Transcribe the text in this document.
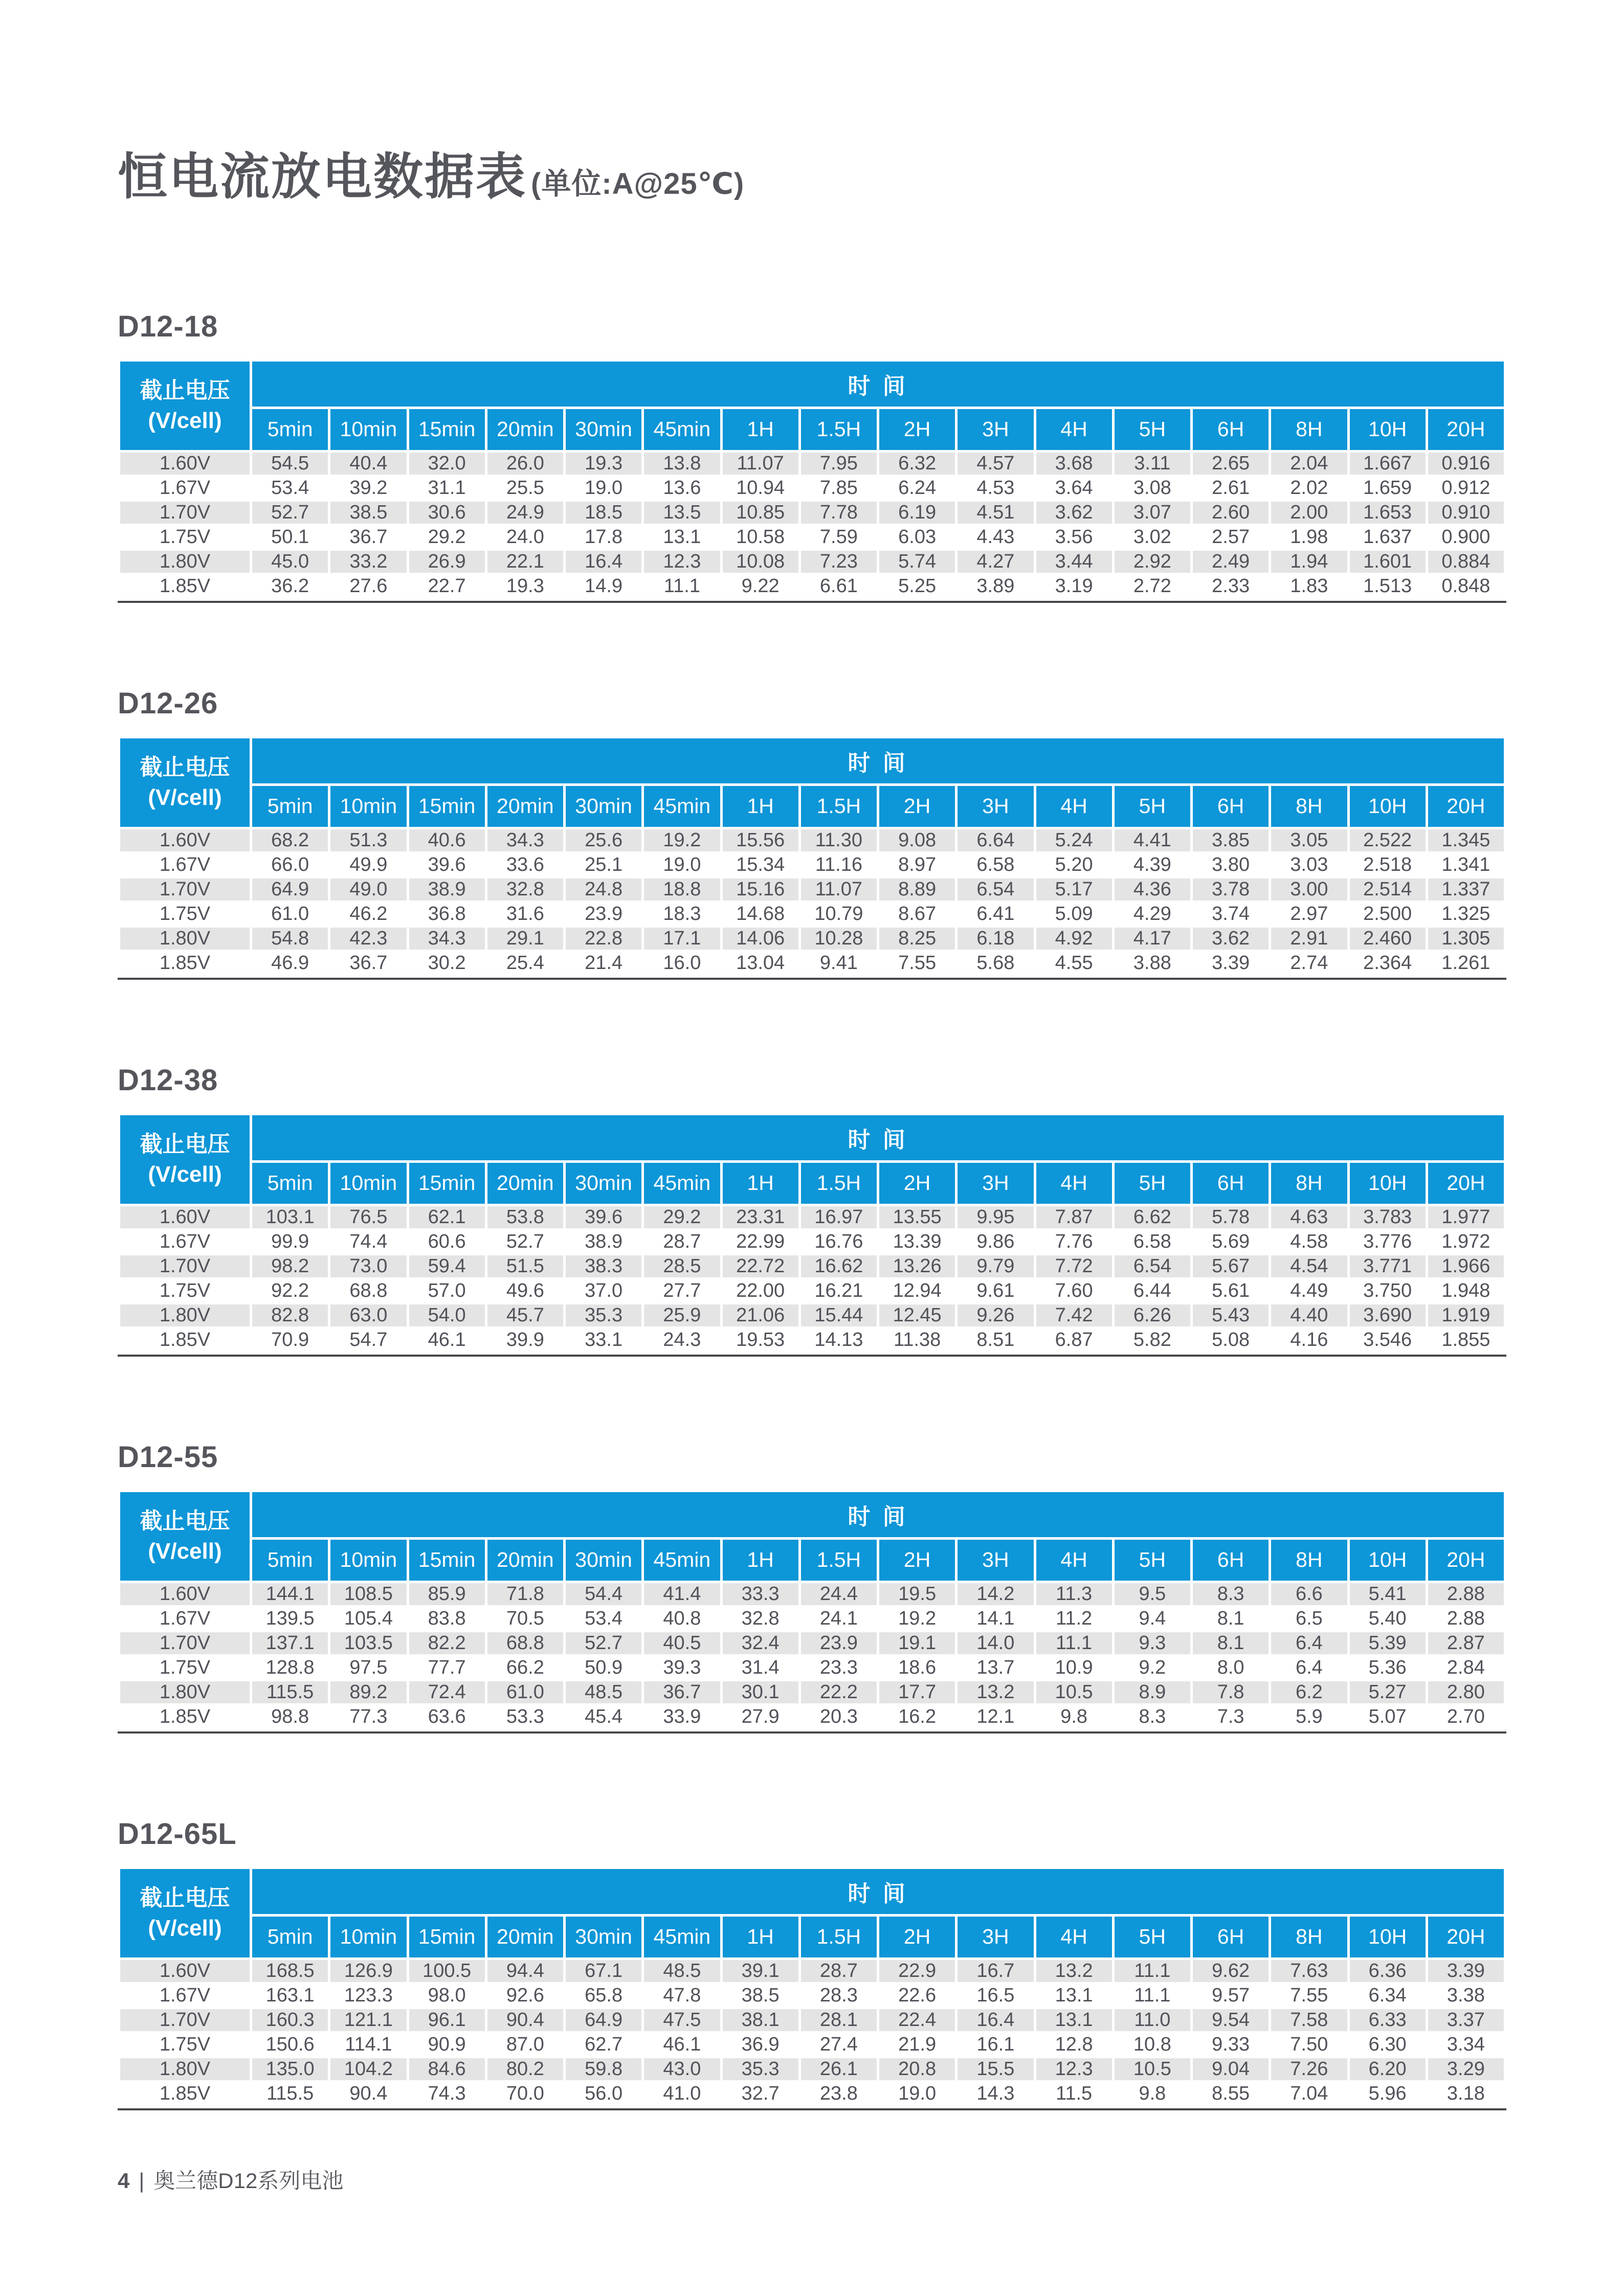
恒电流放电数据表 (单位:A@25℃)
D12-18
截止电压
(V/cell)	时 间															
	5min	10min	15min	20min	30min	45min	1H	1.5H	2H	3H	4H	5H	6H	8H	10H	20H
1.60V	54.5	40.4	32.0	26.0	19.3	13.8	11.07	7.95	6.32	4.57	3.68	3.11	2.65	2.04	1.667	0.916
1.67V	53.4	39.2	31.1	25.5	19.0	13.6	10.94	7.85	6.24	4.53	3.64	3.08	2.61	2.02	1.659	0.912
1.70V	52.7	38.5	30.6	24.9	18.5	13.5	10.85	7.78	6.19	4.51	3.62	3.07	2.60	2.00	1.653	0.910
1.75V	50.1	36.7	29.2	24.0	17.8	13.1	10.58	7.59	6.03	4.43	3.56	3.02	2.57	1.98	1.637	0.900
1.80V	45.0	33.2	26.9	22.1	16.4	12.3	10.08	7.23	5.74	4.27	3.44	2.92	2.49	1.94	1.601	0.884
1.85V	36.2	27.6	22.7	19.3	14.9	11.1	9.22	6.61	5.25	3.89	3.19	2.72	2.33	1.83	1.513	0.848
D12-26
截止电压
(V/cell)	时 间															
	5min	10min	15min	20min	30min	45min	1H	1.5H	2H	3H	4H	5H	6H	8H	10H	20H
1.60V	68.2	51.3	40.6	34.3	25.6	19.2	15.56	11.30	9.08	6.64	5.24	4.41	3.85	3.05	2.522	1.345
1.67V	66.0	49.9	39.6	33.6	25.1	19.0	15.34	11.16	8.97	6.58	5.20	4.39	3.80	3.03	2.518	1.341
1.70V	64.9	49.0	38.9	32.8	24.8	18.8	15.16	11.07	8.89	6.54	5.17	4.36	3.78	3.00	2.514	1.337
1.75V	61.0	46.2	36.8	31.6	23.9	18.3	14.68	10.79	8.67	6.41	5.09	4.29	3.74	2.97	2.500	1.325
1.80V	54.8	42.3	34.3	29.1	22.8	17.1	14.06	10.28	8.25	6.18	4.92	4.17	3.62	2.91	2.460	1.305
1.85V	46.9	36.7	30.2	25.4	21.4	16.0	13.04	9.41	7.55	5.68	4.55	3.88	3.39	2.74	2.364	1.261
D12-38
截止电压
(V/cell)	时 间															
	5min	10min	15min	20min	30min	45min	1H	1.5H	2H	3H	4H	5H	6H	8H	10H	20H
1.60V	103.1	76.5	62.1	53.8	39.6	29.2	23.31	16.97	13.55	9.95	7.87	6.62	5.78	4.63	3.783	1.977
1.67V	99.9	74.4	60.6	52.7	38.9	28.7	22.99	16.76	13.39	9.86	7.76	6.58	5.69	4.58	3.776	1.972
1.70V	98.2	73.0	59.4	51.5	38.3	28.5	22.72	16.62	13.26	9.79	7.72	6.54	5.67	4.54	3.771	1.966
1.75V	92.2	68.8	57.0	49.6	37.0	27.7	22.00	16.21	12.94	9.61	7.60	6.44	5.61	4.49	3.750	1.948
1.80V	82.8	63.0	54.0	45.7	35.3	25.9	21.06	15.44	12.45	9.26	7.42	6.26	5.43	4.40	3.690	1.919
1.85V	70.9	54.7	46.1	39.9	33.1	24.3	19.53	14.13	11.38	8.51	6.87	5.82	5.08	4.16	3.546	1.855
D12-55
截止电压
(V/cell)	时 间															
	5min	10min	15min	20min	30min	45min	1H	1.5H	2H	3H	4H	5H	6H	8H	10H	20H
1.60V	144.1	108.5	85.9	71.8	54.4	41.4	33.3	24.4	19.5	14.2	11.3	9.5	8.3	6.6	5.41	2.88
1.67V	139.5	105.4	83.8	70.5	53.4	40.8	32.8	24.1	19.2	14.1	11.2	9.4	8.1	6.5	5.40	2.88
1.70V	137.1	103.5	82.2	68.8	52.7	40.5	32.4	23.9	19.1	14.0	11.1	9.3	8.1	6.4	5.39	2.87
1.75V	128.8	97.5	77.7	66.2	50.9	39.3	31.4	23.3	18.6	13.7	10.9	9.2	8.0	6.4	5.36	2.84
1.80V	115.5	89.2	72.4	61.0	48.5	36.7	30.1	22.2	17.7	13.2	10.5	8.9	7.8	6.2	5.27	2.80
1.85V	98.8	77.3	63.6	53.3	45.4	33.9	27.9	20.3	16.2	12.1	9.8	8.3	7.3	5.9	5.07	2.70
D12-65L
截止电压
(V/cell)	时 间															
	5min	10min	15min	20min	30min	45min	1H	1.5H	2H	3H	4H	5H	6H	8H	10H	20H
1.60V	168.5	126.9	100.5	94.4	67.1	48.5	39.1	28.7	22.9	16.7	13.2	11.1	9.62	7.63	6.36	3.39
1.67V	163.1	123.3	98.0	92.6	65.8	47.8	38.5	28.3	22.6	16.5	13.1	11.1	9.57	7.55	6.34	3.38
1.70V	160.3	121.1	96.1	90.4	64.9	47.5	38.1	28.1	22.4	16.4	13.1	11.0	9.54	7.58	6.33	3.37
1.75V	150.6	114.1	90.9	87.0	62.7	46.1	36.9	27.4	21.9	16.1	12.8	10.8	9.33	7.50	6.30	3.34
1.80V	135.0	104.2	84.6	80.2	59.8	43.0	35.3	26.1	20.8	15.5	12.3	10.5	9.04	7.26	6.20	3.29
1.85V	115.5	90.4	74.3	70.0	56.0	41.0	32.7	23.8	19.0	14.3	11.5	9.8	8.55	7.04	5.96	3.18
4 | 奥兰德D12系列电池
